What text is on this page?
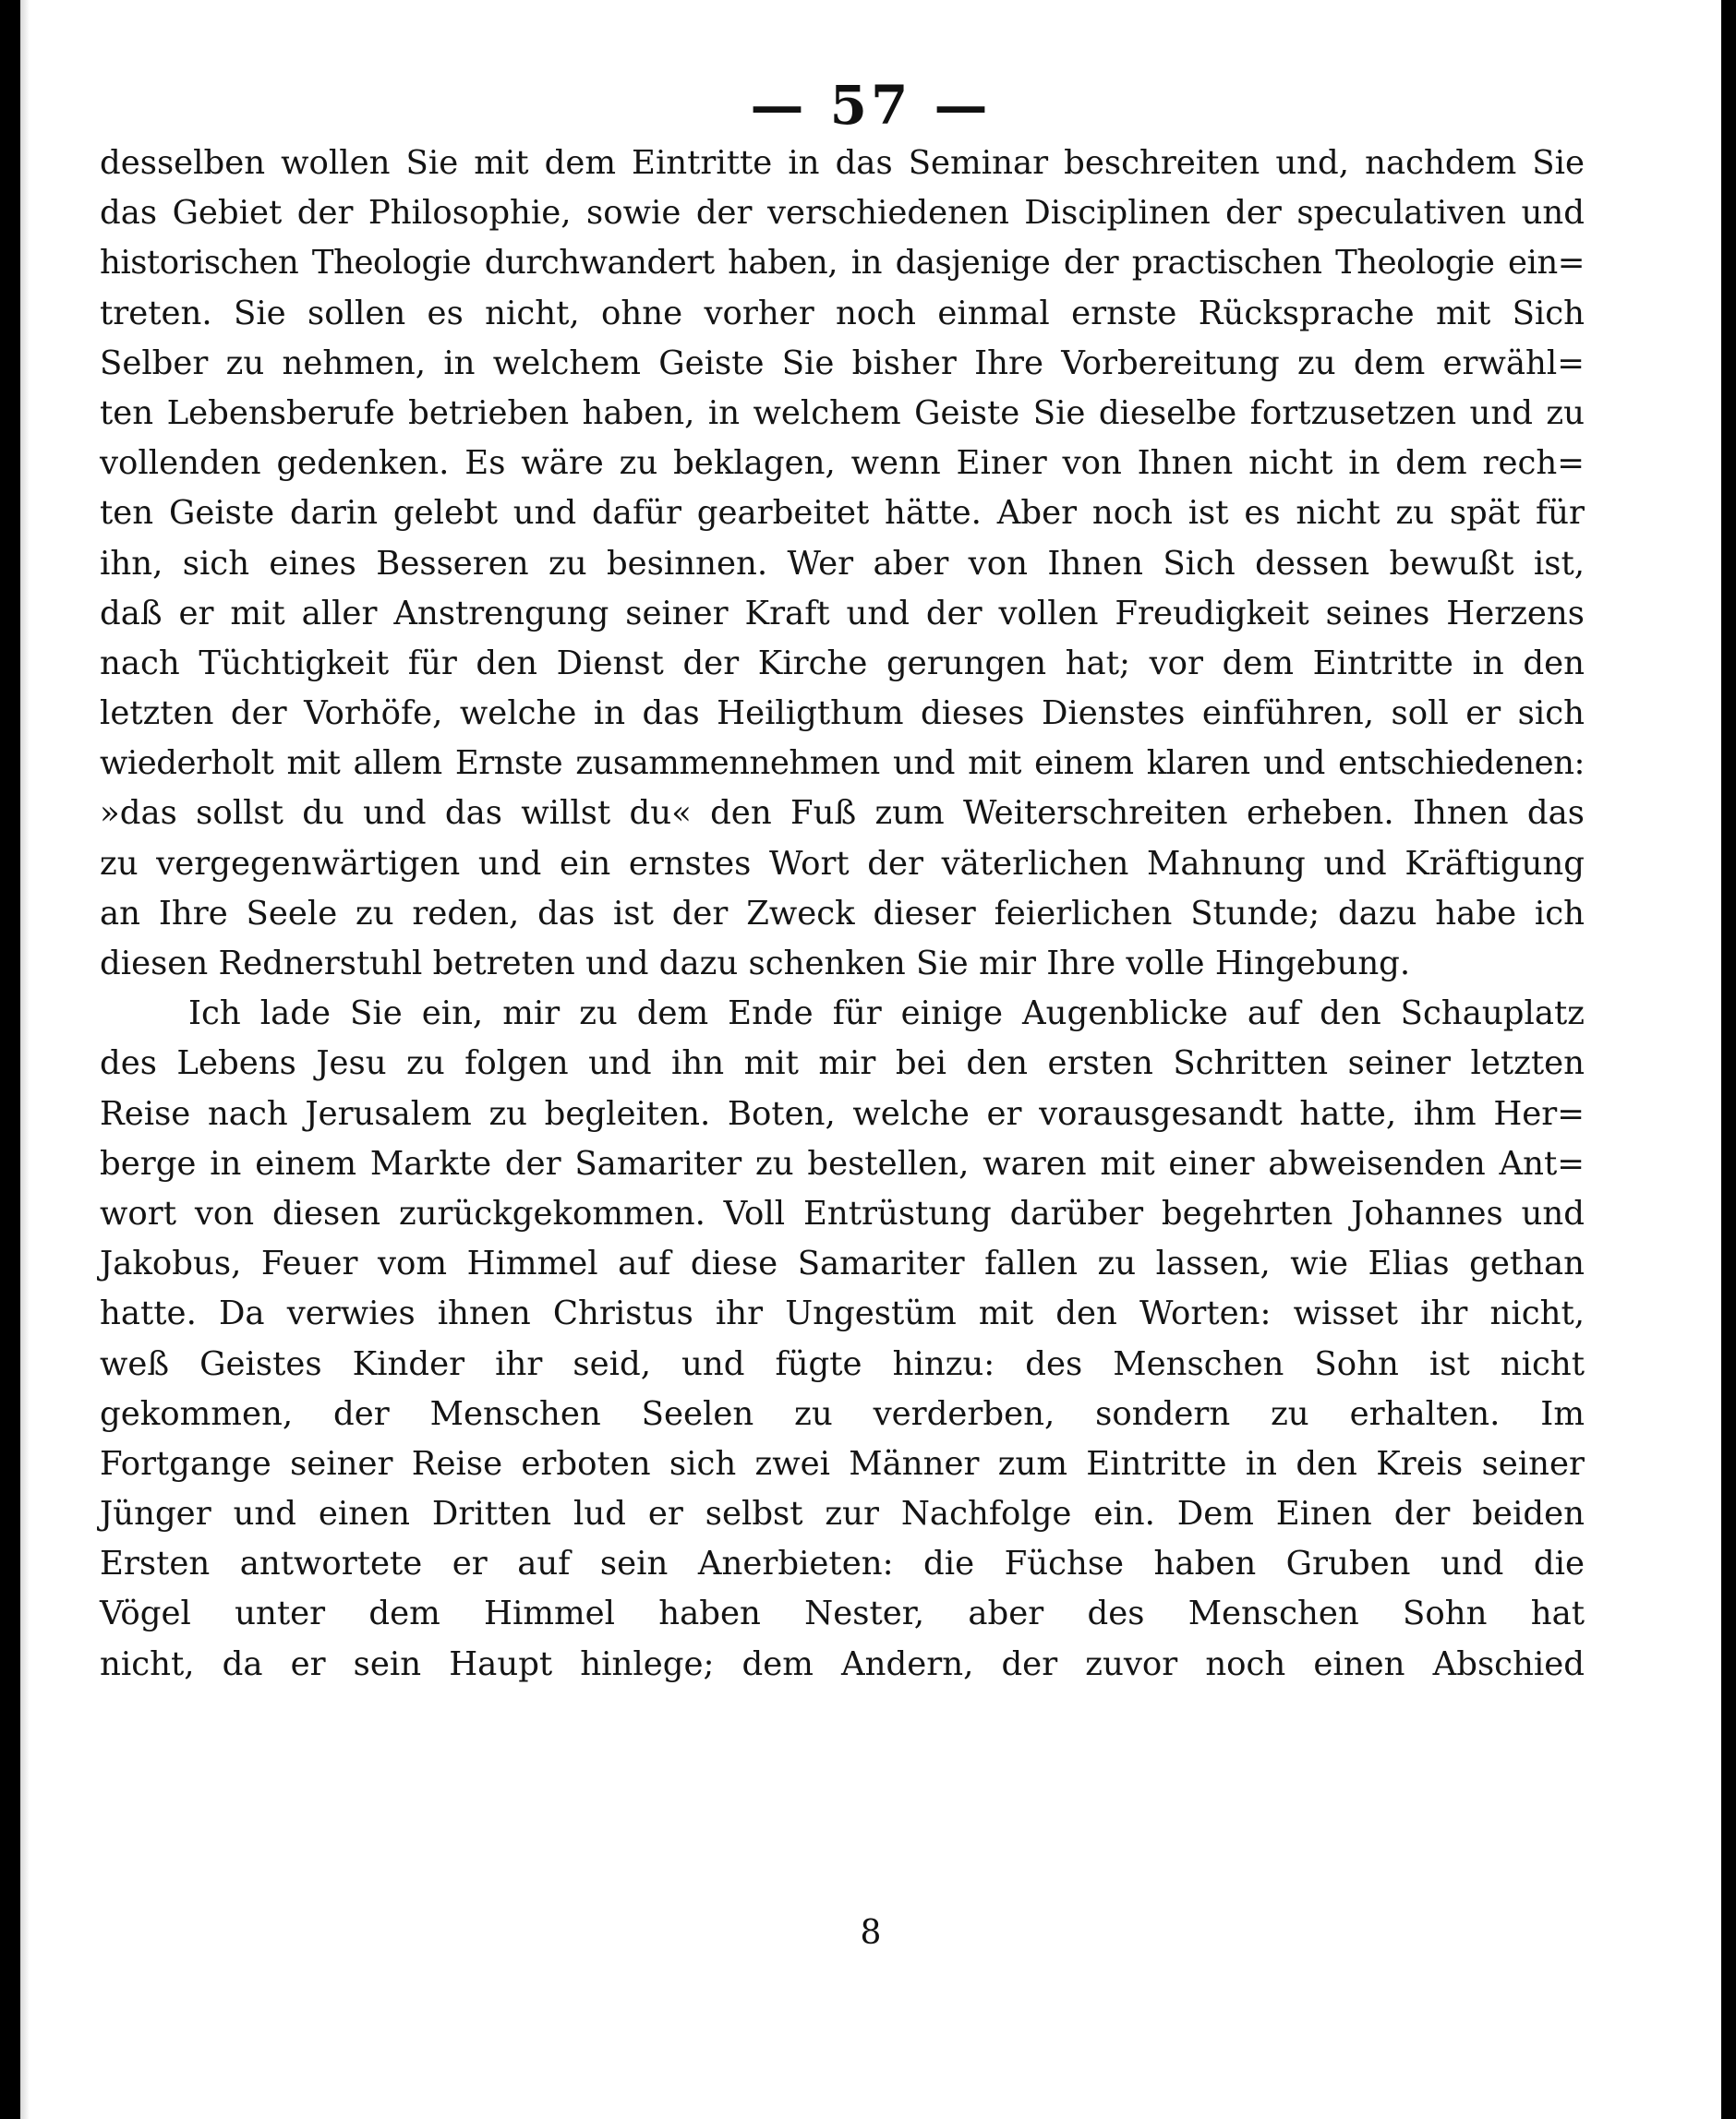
— 57 —
desselben wollen Sie mit dem Eintritte in das Seminar beschreiten und, nachdem Sie
das Gebiet der Philosophie, sowie der verschiedenen Disciplinen der speculativen und
historischen Theologie durchwandert haben, in dasjenige der practischen Theologie ein=
treten. Sie sollen es nicht, ohne vorher noch einmal ernste Rücksprache mit Sich
Selber zu nehmen, in welchem Geiste Sie bisher Ihre Vorbereitung zu dem erwähl=
ten Lebensberufe betrieben haben, in welchem Geiste Sie dieselbe fortzusetzen und zu
vollenden gedenken. Es wäre zu beklagen, wenn Einer von Ihnen nicht in dem rech=
ten Geiste darin gelebt und dafür gearbeitet hätte. Aber noch ist es nicht zu spät für
ihn, sich eines Besseren zu besinnen. Wer aber von Ihnen Sich dessen bewußt ist,
daß er mit aller Anstrengung seiner Kraft und der vollen Freudigkeit seines Herzens
nach Tüchtigkeit für den Dienst der Kirche gerungen hat; vor dem Eintritte in den
letzten der Vorhöfe, welche in das Heiligthum dieses Dienstes einführen, soll er sich
wiederholt mit allem Ernste zusammennehmen und mit einem klaren und entschiedenen:
»das sollst du und das willst du« den Fuß zum Weiterschreiten erheben. Ihnen das
zu vergegenwärtigen und ein ernstes Wort der väterlichen Mahnung und Kräftigung
an Ihre Seele zu reden, das ist der Zweck dieser feierlichen Stunde; dazu habe ich
diesen Rednerstuhl betreten und dazu schenken Sie mir Ihre volle Hingebung.
Ich lade Sie ein, mir zu dem Ende für einige Augenblicke auf den Schauplatz
des Lebens Jesu zu folgen und ihn mit mir bei den ersten Schritten seiner letzten
Reise nach Jerusalem zu begleiten. Boten, welche er vorausgesandt hatte, ihm Her=
berge in einem Markte der Samariter zu bestellen, waren mit einer abweisenden Ant=
wort von diesen zurückgekommen. Voll Entrüstung darüber begehrten Johannes und
Jakobus, Feuer vom Himmel auf diese Samariter fallen zu lassen, wie Elias gethan
hatte. Da verwies ihnen Christus ihr Ungestüm mit den Worten: wisset ihr nicht,
weß Geistes Kinder ihr seid, und fügte hinzu: des Menschen Sohn ist nicht
gekommen, der Menschen Seelen zu verderben, sondern zu erhalten. Im
Fortgange seiner Reise erboten sich zwei Männer zum Eintritte in den Kreis seiner
Jünger und einen Dritten lud er selbst zur Nachfolge ein. Dem Einen der beiden
Ersten antwortete er auf sein Anerbieten: die Füchse haben Gruben und die
Vögel unter dem Himmel haben Nester, aber des Menschen Sohn hat
nicht, da er sein Haupt hinlege; dem Andern, der zuvor noch einen Abschied
8
